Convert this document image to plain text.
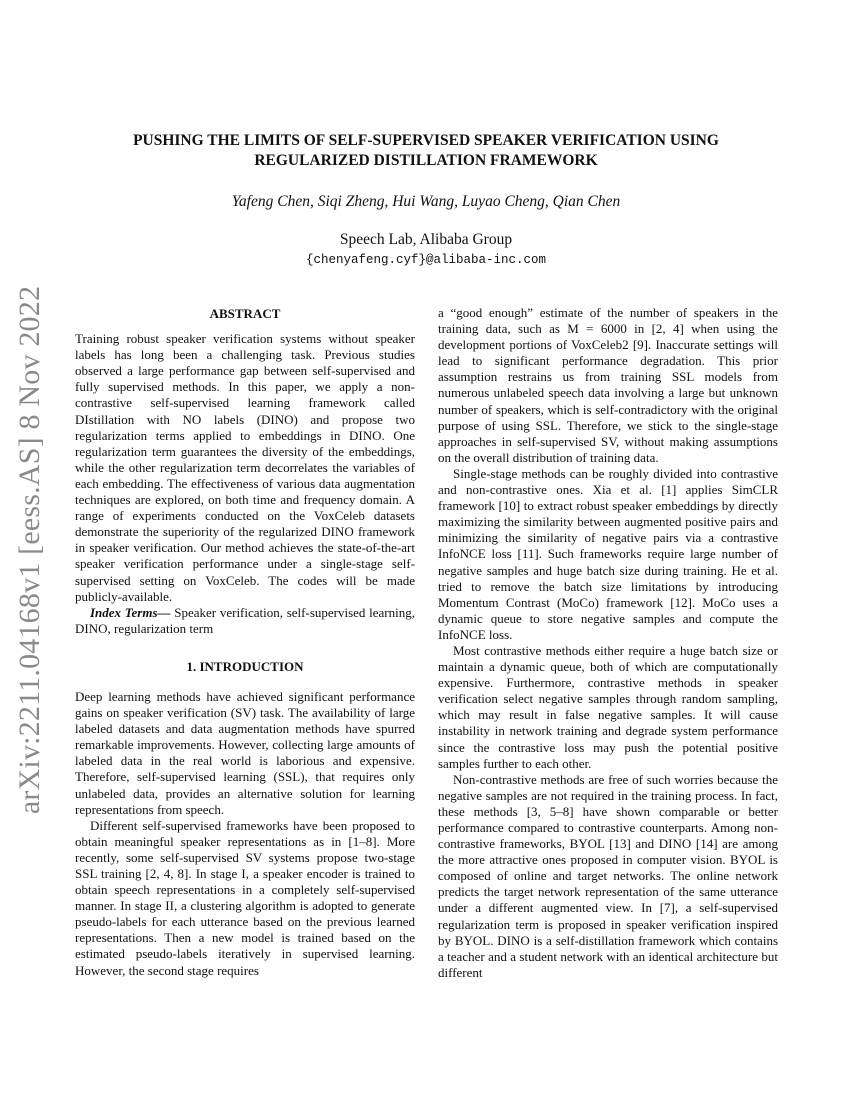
arXiv:2211.04168v1 [eess.AS] 8 Nov 2022
PUSHING THE LIMITS OF SELF-SUPERVISED SPEAKER VERIFICATION USING
REGULARIZED DISTILLATION FRAMEWORK
Yafeng Chen, Siqi Zheng, Hui Wang, Luyao Cheng, Qian Chen
Speech Lab, Alibaba Group
{chenyafeng.cyf}@alibaba-inc.com
ABSTRACT

Training robust speaker verification systems without speaker labels has long been a challenging task. Previous studies observed a large performance gap between self-supervised and fully supervised methods. In this paper, we apply a non-contrastive self-supervised learning framework called DIstillation with NO labels (DINO) and propose two regularization terms applied to embeddings in DINO. One regularization term guarantees the diversity of the embeddings, while the other regularization term decorrelates the variables of each embedding. The effectiveness of various data augmentation techniques are explored, on both time and frequency domain. A range of experiments conducted on the VoxCeleb datasets demonstrate the superiority of the regularized DINO framework in speaker verification. Our method achieves the state-of-the-art speaker verification performance under a single-stage self-supervised setting on VoxCeleb. The codes will be made publicly-available.

Index Terms— Speaker verification, self-supervised learning, DINO, regularization term

1. INTRODUCTION

Deep learning methods have achieved significant performance gains on speaker verification (SV) task. The availability of large labeled datasets and data augmentation methods have spurred remarkable improvements. However, collecting large amounts of labeled data in the real world is laborious and expensive. Therefore, self-supervised learning (SSL), that requires only unlabeled data, provides an alternative solution for learning representations from speech.

Different self-supervised frameworks have been proposed to obtain meaningful speaker representations as in [1–8]. More recently, some self-supervised SV systems propose two-stage SSL training [2, 4, 8]. In stage I, a speaker encoder is trained to obtain speech representations in a completely self-supervised manner. In stage II, a clustering algorithm is adopted to generate pseudo-labels for each utterance based on the previous learned representations. Then a new model is trained based on the estimated pseudo-labels iteratively in supervised learning. However, the second stage requires

a “good enough” estimate of the number of speakers in the training data, such as M = 6000 in [2, 4] when using the development portions of VoxCeleb2 [9]. Inaccurate settings will lead to significant performance degradation. This prior assumption restrains us from training SSL models from numerous unlabeled speech data involving a large but unknown number of speakers, which is self-contradictory with the original purpose of using SSL. Therefore, we stick to the single-stage approaches in self-supervised SV, without making assumptions on the overall distribution of training data.

Single-stage methods can be roughly divided into contrastive and non-contrastive ones. Xia et al. [1] applies SimCLR framework [10] to extract robust speaker embeddings by directly maximizing the similarity between augmented positive pairs and minimizing the similarity of negative pairs via a contrastive InfoNCE loss [11]. Such frameworks require large number of negative samples and huge batch size during training. He et al. tried to remove the batch size limitations by introducing Momentum Contrast (MoCo) framework [12]. MoCo uses a dynamic queue to store negative samples and compute the InfoNCE loss.

Most contrastive methods either require a huge batch size or maintain a dynamic queue, both of which are computationally expensive. Furthermore, contrastive methods in speaker verification select negative samples through random sampling, which may result in false negative samples. It will cause instability in network training and degrade system performance since the contrastive loss may push the potential positive samples further to each other.

Non-contrastive methods are free of such worries because the negative samples are not required in the training process. In fact, these methods [3, 5–8] have shown comparable or better performance compared to contrastive counterparts. Among non-contrastive frameworks, BYOL [13] and DINO [14] are among the more attractive ones proposed in computer vision. BYOL is composed of online and target networks. The online network predicts the target network representation of the same utterance under a different augmented view. In [7], a self-supervised regularization term is proposed in speaker verification inspired by BYOL. DINO is a self-distillation framework which contains a teacher and a student network with an identical architecture but different
